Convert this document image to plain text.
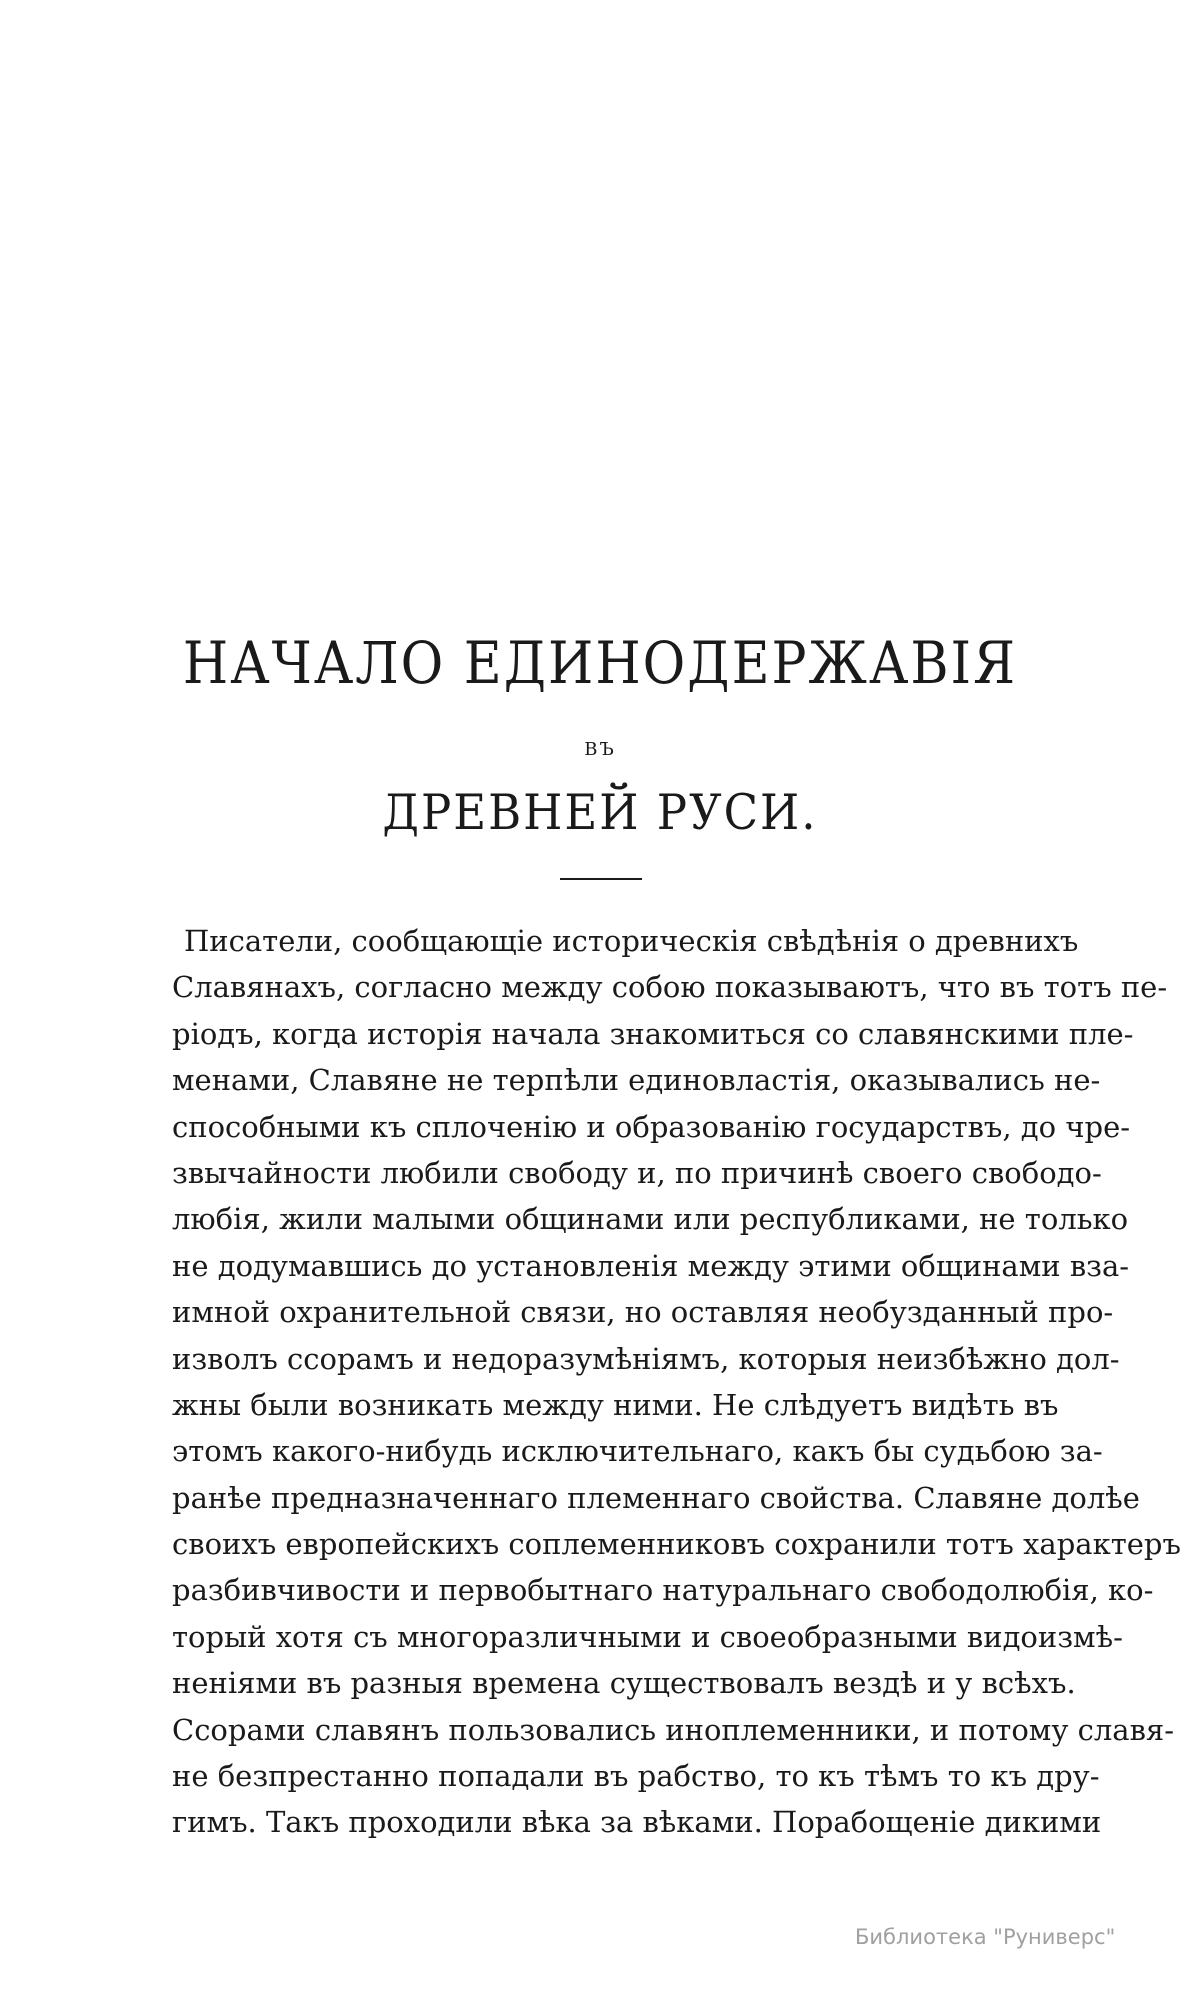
НАЧАЛО ЕДИНОДЕРЖАВІЯ
ВЪ
ДРЕВНЕЙ РУСИ.
Писатели, сообщающіе историческія свѣдѣнія о древнихъ
Славянахъ, согласно между собою показываютъ, что въ тотъ пе-
ріодъ, когда исторія начала знакомиться со славянскими пле-
менами, Славяне не терпѣли единовластія, оказывались не-
способными къ сплоченію и образованію государствъ, до чре-
звычайности любили свободу и, по причинѣ своего свободо-
любія, жили малыми общинами или республиками, не только
не додумавшись до установленія между этими общинами вза-
имной охранительной связи, но оставляя необузданный про-
изволъ ссорамъ и недоразумѣніямъ, которыя неизбѣжно дол-
жны были возникать между ними. Не слѣдуетъ видѣть въ
этомъ какого-нибудь исключительнаго, какъ бы судьбою за-
ранѣе предназначеннаго племеннаго свойства. Славяне долѣе
своихъ европейскихъ соплеменниковъ сохранили тотъ характеръ
разбивчивости и первобытнаго натуральнаго свободолюбія, ко-
торый хотя съ многоразличными и своеобразными видоизмѣ-
неніями въ разныя времена существовалъ вездѣ и у всѣхъ.
Ссорами славянъ пользовались иноплеменники, и потому славя-
не безпрестанно попадали въ рабство, то къ тѣмъ то къ дру-
гимъ. Такъ проходили вѣка за вѣками. Порабощеніе дикими
Библиотека "Руниверс"
